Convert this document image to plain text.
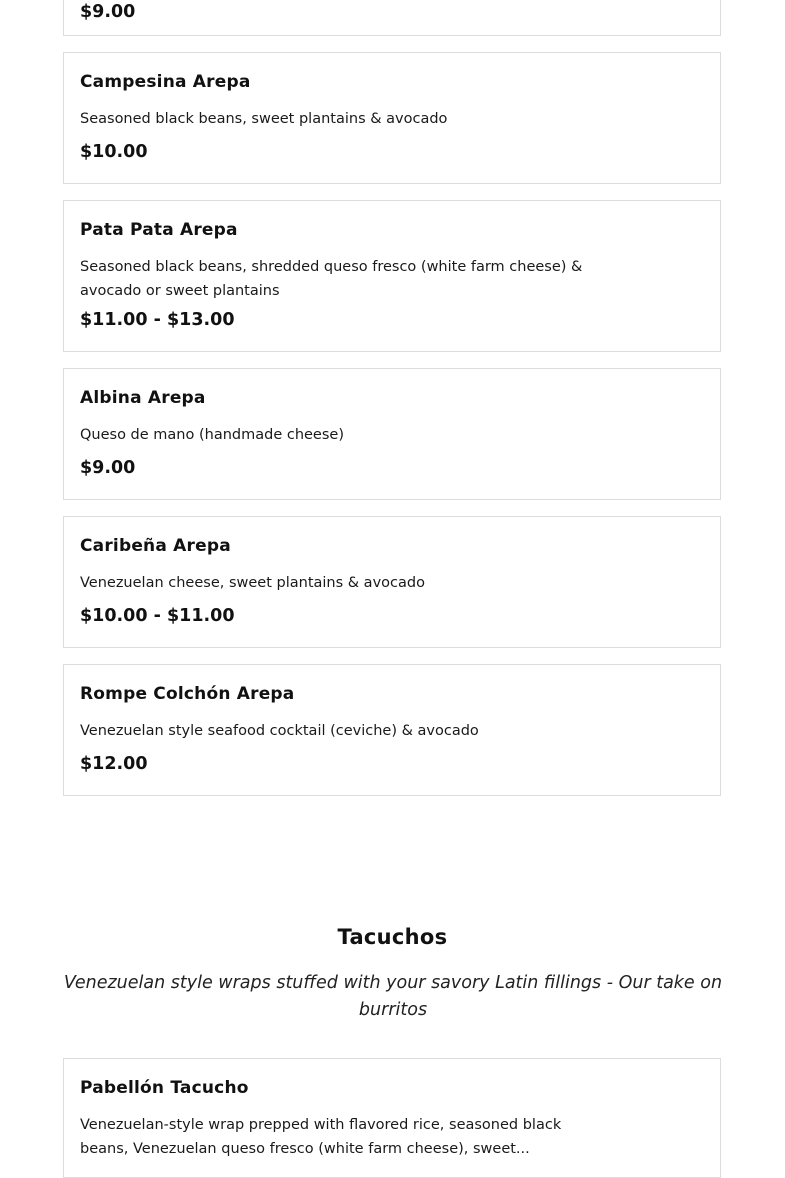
$9.00
Campesina Arepa
Seasoned black beans, sweet plantains & avocado
$10.00
Pata Pata Arepa
Seasoned black beans, shredded queso fresco (white farm cheese) & avocado or sweet plantains
$11.00 - $13.00
Albina Arepa
Queso de mano (handmade cheese)
$9.00
Caribeña Arepa
Venezuelan cheese, sweet plantains & avocado
$10.00 - $11.00
Rompe Colchón Arepa
Venezuelan style seafood cocktail (ceviche) & avocado
$12.00
Tacuchos
Venezuelan style wraps stuffed with your savory Latin fillings - Our take on burritos
Pabellón Tacucho
Venezuelan-style wrap prepped with flavored rice, seasoned black beans, Venezuelan queso fresco (white farm cheese), sweet...
